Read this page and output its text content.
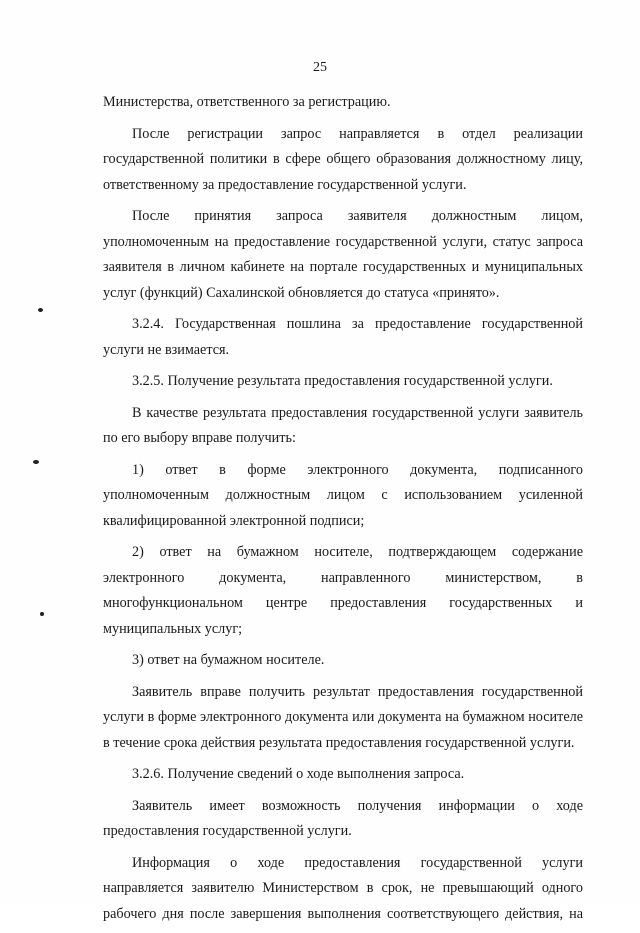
25
Министерства, ответственного за регистрацию.
После регистрации запрос направляется в отдел реализации
государственной политики в сфере общего образования должностному лицу,
ответственному за предоставление государственной услуги.
После принятия запроса заявителя должностным лицом,
уполномоченным на предоставление государственной услуги, статус запроса
заявителя в личном кабинете на портале государственных и муниципальных
услуг (функций) Сахалинской обновляется до статуса «принято».
3.2.4. Государственная пошлина за предоставление государственной
услуги не взимается.
3.2.5. Получение результата предоставления государственной услуги.
В качестве результата предоставления государственной услуги заявитель
по его выбору вправе получить:
1) ответ в форме электронного документа, подписанного
уполномоченным должностным лицом с использованием усиленной
квалифицированной электронной подписи;
2) ответ на бумажном носителе, подтверждающем содержание
электронного документа, направленного министерством, в
многофункциональном центре предоставления государственных и
муниципальных услуг;
3) ответ на бумажном носителе.
Заявитель вправе получить результат предоставления государственной
услуги в форме электронного документа или документа на бумажном носителе
в течение срока действия результата предоставления государственной услуги.
3.2.6. Получение сведений о ходе выполнения запроса.
Заявитель имеет возможность получения информации о ходе
предоставления государственной услуги.
Информация о ходе предоставления государственной услуги
направляется заявителю Министерством в срок, не превышающий одного
рабочего дня после завершения выполнения соответствующего действия, на
“
